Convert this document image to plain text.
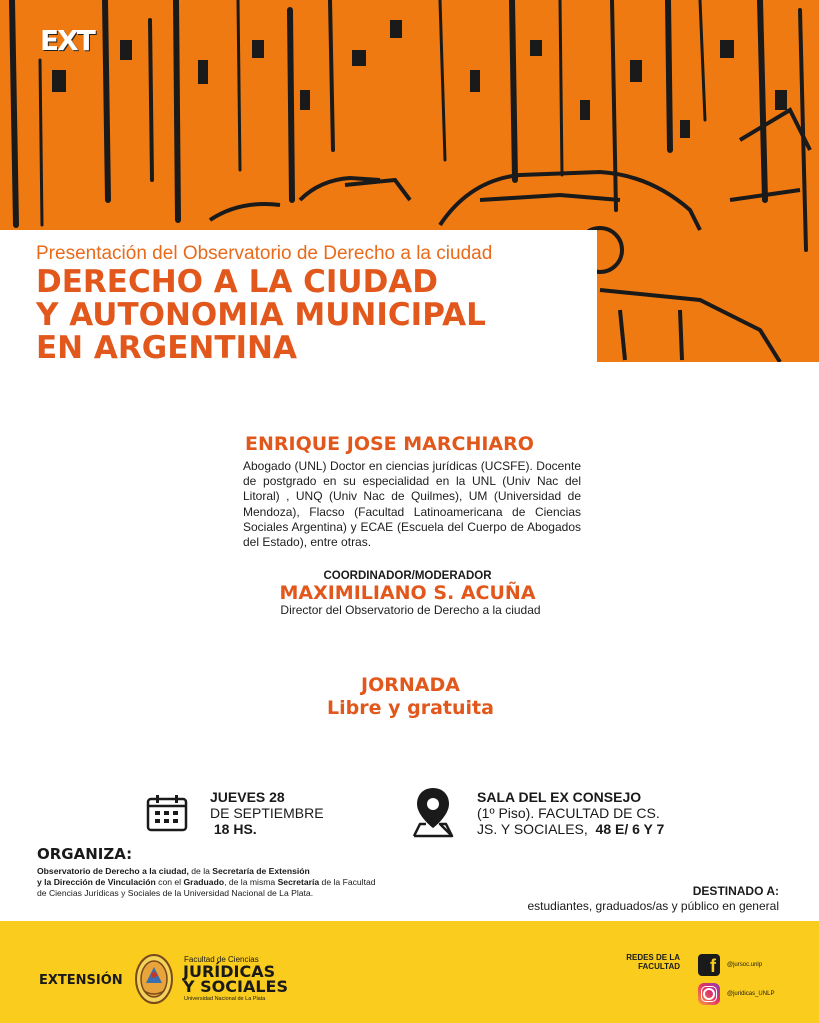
EXT
Presentación del Observatorio de Derecho a la ciudad
DERECHO A LA CIUDAD
Y AUTONOMIA MUNICIPAL
EN ARGENTINA
ENRIQUE JOSE MARCHIARO
Abogado (UNL) Doctor en ciencias jurídicas (UCSFE). Docente de postgrado en su especialidad en la UNL (Univ Nac del Litoral) , UNQ (Univ Nac de Quilmes), UM (Universidad de Mendoza), Flacso (Facultad Latinoamericana de Ciencias Sociales Argentina) y ECAE (Escuela del Cuerpo de Abogados del Estado), entre otras.
COORDINADOR/MODERADOR
MAXIMILIANO S. ACUÑA
Director del Observatorio de Derecho a la ciudad
JORNADA
Libre y gratuita
JUEVES 28
DE SEPTIEMBRE
18 HS.
SALA DEL EX CONSEJO
(1º Piso). FACULTAD DE CS.
JS. Y SOCIALES,  48 E/ 6 Y 7
ORGANIZA:
Observatorio de Derecho a la ciudad, de la Secretaría de Extensión
y la Dirección de Vinculación con el Graduado, de la misma Secretaría de la Facultad de Ciencias Jurídicas y Sociales de la Universidad Nacional de La Plata.	DESTINADO A:
estudiantes, graduados/as y público en general
EXTENSIÓN
Facultad de Ciencias
JURÍDICAS
Y SOCIALES
Universidad Nacional de La Plata
REDES DE LA FACULTAD	f	@jursoc.unlp
@juridicas_UNLP
